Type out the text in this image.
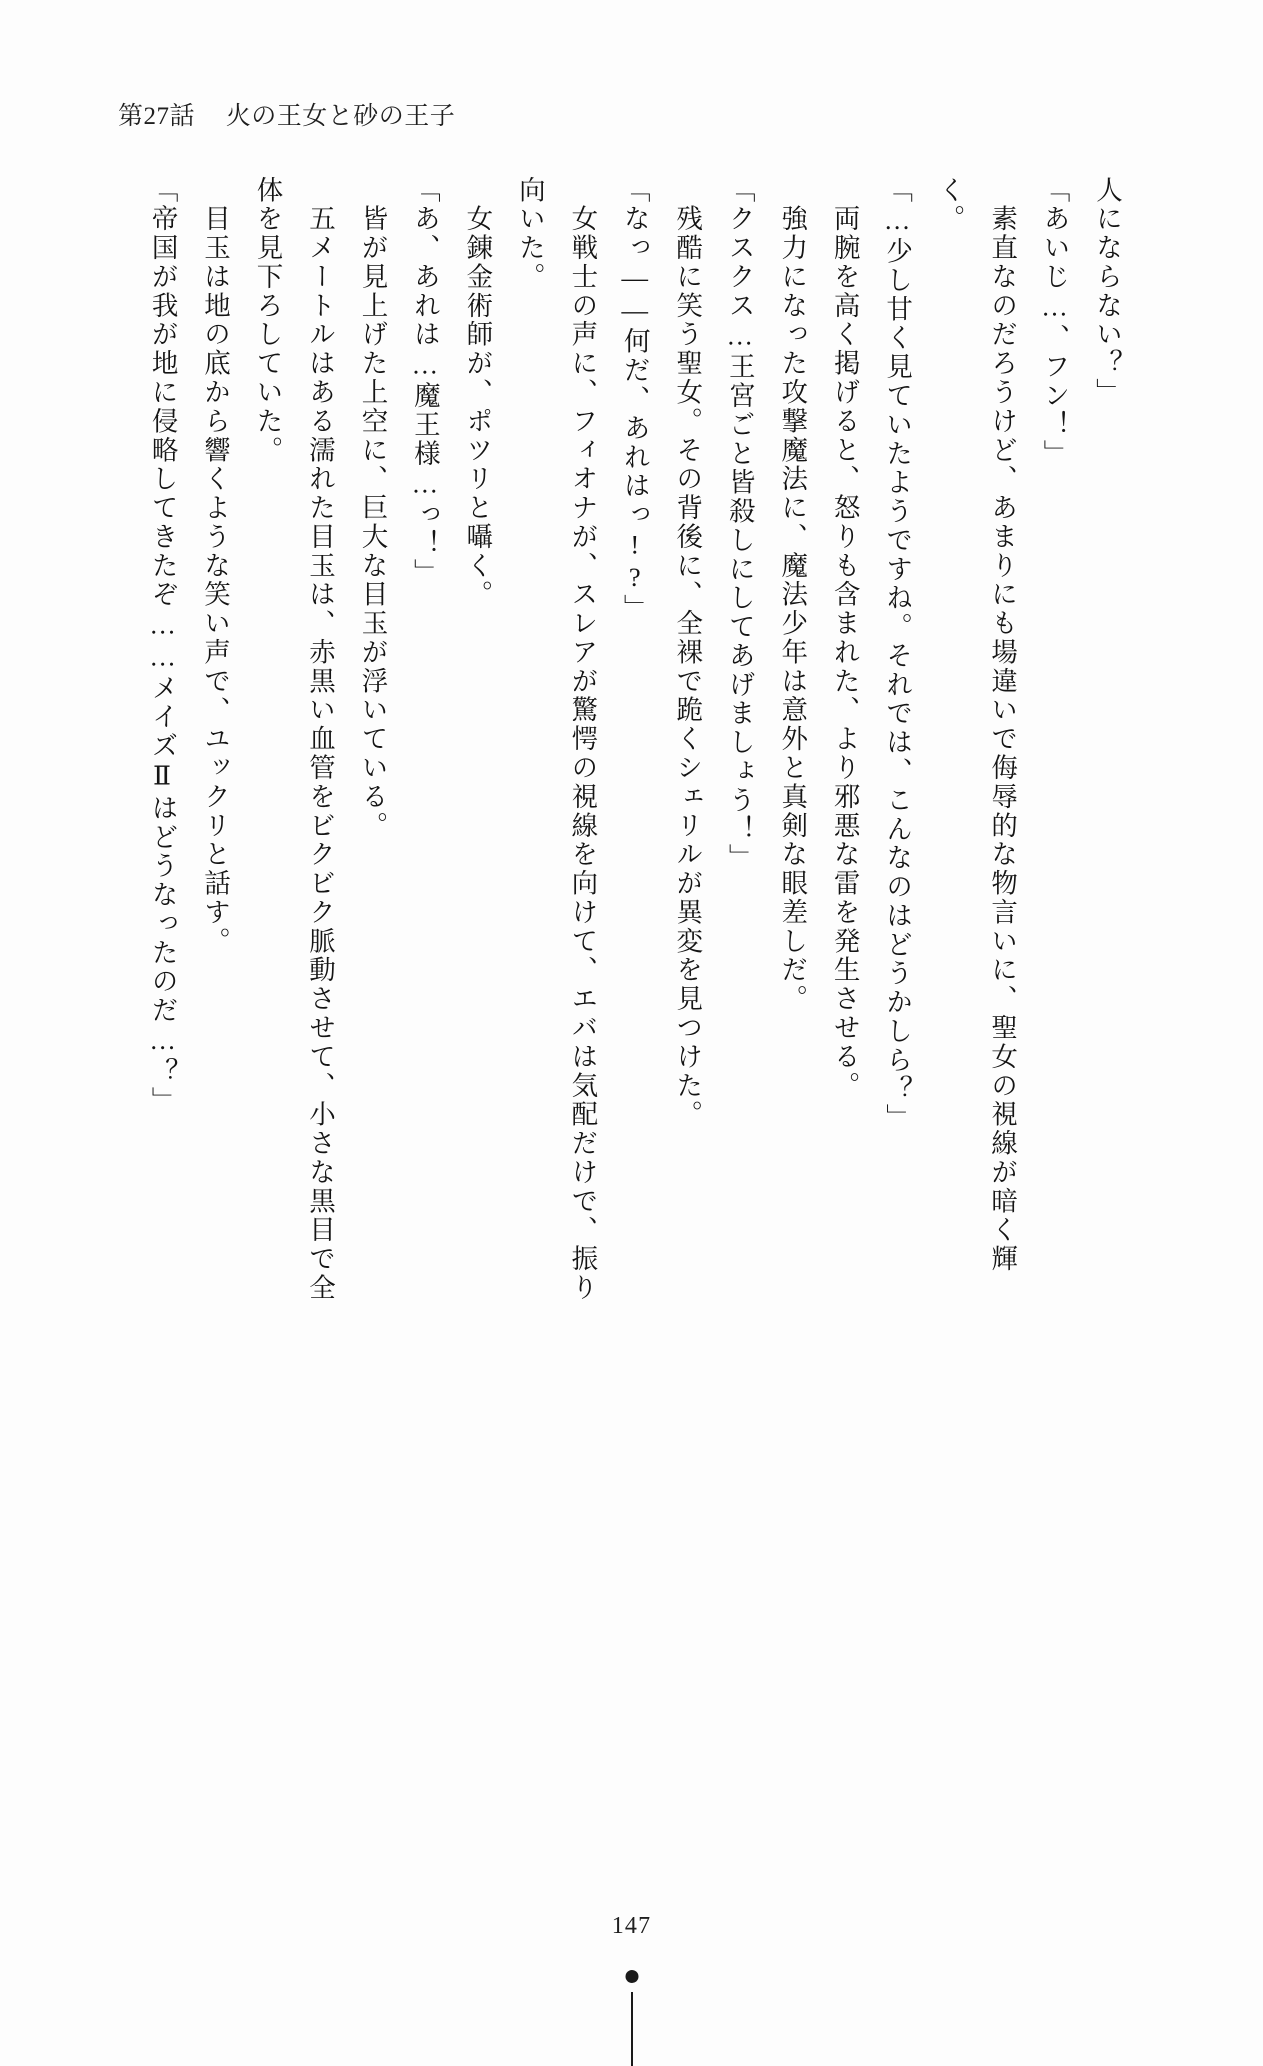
第27話 火の王女と砂の王子

人にならない？」

「あいじ…、フン！」

　素直なのだろうけど、あまりにも場違いで侮辱的な物言いに、聖女の視線が暗く輝く。

「…少し甘く見ていたようですね。それでは、こんなのはどうかしら？」

　両腕を高く掲げると、怒りも含まれた、より邪悪な雷を発生させる。

　強力になった攻撃魔法に、魔法少年は意外と真剣な眼差しだ。

「クスクス…王宮ごと皆殺しにしてあげましょう！」

　残酷に笑う聖女。その背後に、全裸で跪くシェリルが異変を見つけた。

「なっ——何だ、あれはっ!?」

　女戦士の声に、フィオナが、スレアが驚愕の視線を向けて、エバは気配だけで、振り向いた。

　女錬金術師が、ポツリと囁く。

「あ、あれは…魔王様…っ！」

　皆が見上げた上空に、巨大な目玉が浮いている。

　五メートルはある濡れた目玉は、赤黒い血管をビクビク脈動させて、小さな黒目で全体を見下ろしていた。

　目玉は地の底から響くような笑い声で、ユックリと話す。

「帝国が我が地に侵略してきたぞ……メイズⅡはどうなったのだ…？」

147
